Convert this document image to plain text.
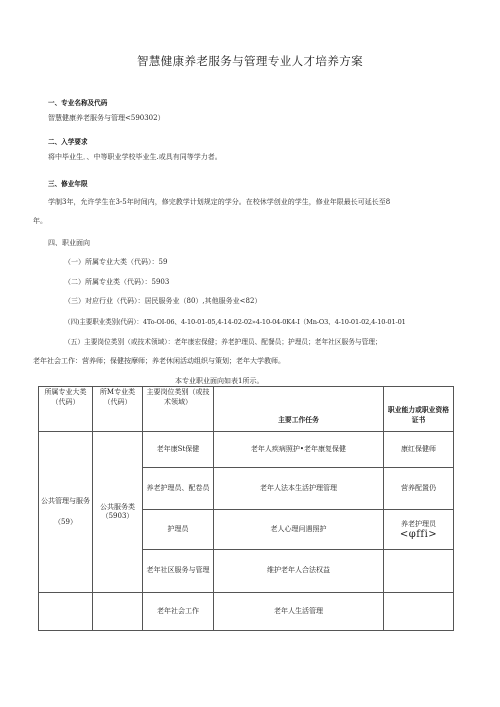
智慧健康养老服务与管理专业人才培养方案
一、专业名称及代码
智慧健康养老服务与管理<590302）
二、入学要求
将中毕业生．、中等职业学校毕业生.或具有同等学力者。
三、修业年限
学制3年，允许学生在3-5年时间内，修完教学计划规定的学分。在校休学创业的学生，修业年限最长可延长至8
年。
四、职业面向
（一）所属专业大类（代码）：59
（二）所属专业类（代码）：5903
（三）对应行业（代码）：居民服务业（80）,其他服务业<82）
（四)主要职业类别(代码）：4To-OI-06、4-10-01-05,4-14-02-02»4-10-04-0K4-I（Mn-O3、4-10-01-02,4-10-01-01
（五）主要岗位类别（或技术领域）：老年康宏保健；养老护理员、配餐员；护理员；老年社区服务与管理；
老年社会工作：营养师；保健按摩师；养老休闲活动组织与策划；老年大学教师。
本专业职业面向如表1所示。
所属专业大类（代码）	所M专业类（代码）	主要岗位类别（或技术领域）	主要工作任务	职业能力或职业资格证书

公共管理与服务
（59）	公共服务类（5903）	老年康St保健	老年人疾病照护•老年康复保健	康红保健师
		养老护理员、配卷员	老年人法本生活护理管理	营养配置仍
		护理员	老人心理问遇照护	养老护理员
<φffi>

		老年社区服务与管理	维护老年人合法权益	
		老年社会工作	老年人生活管理	
